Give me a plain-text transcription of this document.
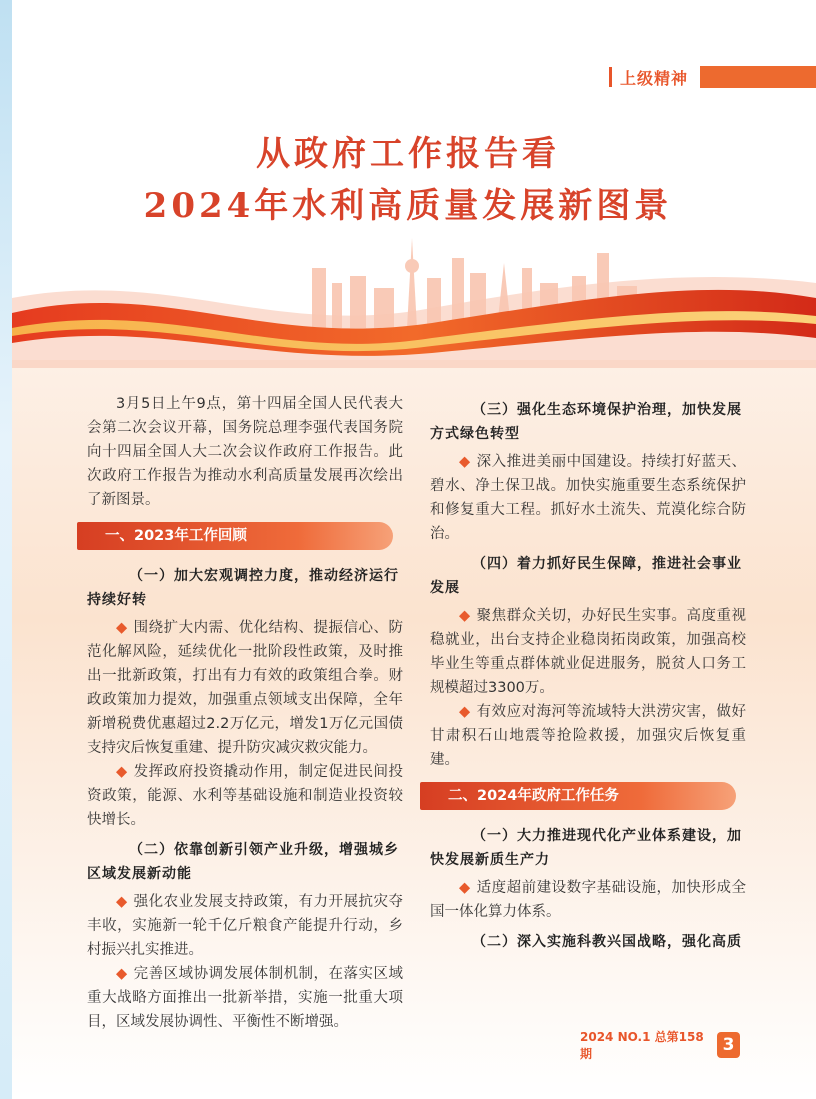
上级精神
从政府工作报告看
2024年水利高质量发展新图景

3月5日上午9点，第十四届全国人民代表大会第二次会议开幕，国务院总理李强代表国务院向十四届全国人大二次会议作政府工作报告。此次政府工作报告为推动水利高质量发展再次绘出了新图景。

一、2023年工作回顾
（一）加大宏观调控力度，推动经济运行持续好转

◆ 围绕扩大内需、优化结构、提振信心、防范化解风险，延续优化一批阶段性政策，及时推出一批新政策，打出有力有效的政策组合拳。财政政策加力提效，加强重点领域支出保障，全年新增税费优惠超过2.2万亿元，增发1万亿元国债支持灾后恢复重建、提升防灾减灾救灾能力。

◆ 发挥政府投资撬动作用，制定促进民间投资政策，能源、水利等基础设施和制造业投资较快增长。

（二）依靠创新引领产业升级，增强城乡区域发展新动能

◆ 强化农业发展支持政策，有力开展抗灾夺丰收，实施新一轮千亿斤粮食产能提升行动，乡村振兴扎实推进。

◆ 完善区域协调发展体制机制，在落实区域重大战略方面推出一批新举措，实施一批重大项目，区域发展协调性、平衡性不断增强。

（三）强化生态环境保护治理，加快发展方式绿色转型

◆ 深入推进美丽中国建设。持续打好蓝天、碧水、净土保卫战。加快实施重要生态系统保护和修复重大工程。抓好水土流失、荒漠化综合防治。

（四）着力抓好民生保障，推进社会事业发展

◆ 聚焦群众关切，办好民生实事。高度重视稳就业，出台支持企业稳岗拓岗政策，加强高校毕业生等重点群体就业促进服务，脱贫人口务工规模超过3300万。

◆ 有效应对海河等流域特大洪涝灾害，做好甘肃积石山地震等抢险救援，加强灾后恢复重建。

二、2024年政府工作任务
（一）大力推进现代化产业体系建设，加快发展新质生产力

◆ 适度超前建设数字基础设施，加快形成全国一体化算力体系。

（二）深入实施科教兴国战略，强化高质
2024 NO.1 总第158期	3
